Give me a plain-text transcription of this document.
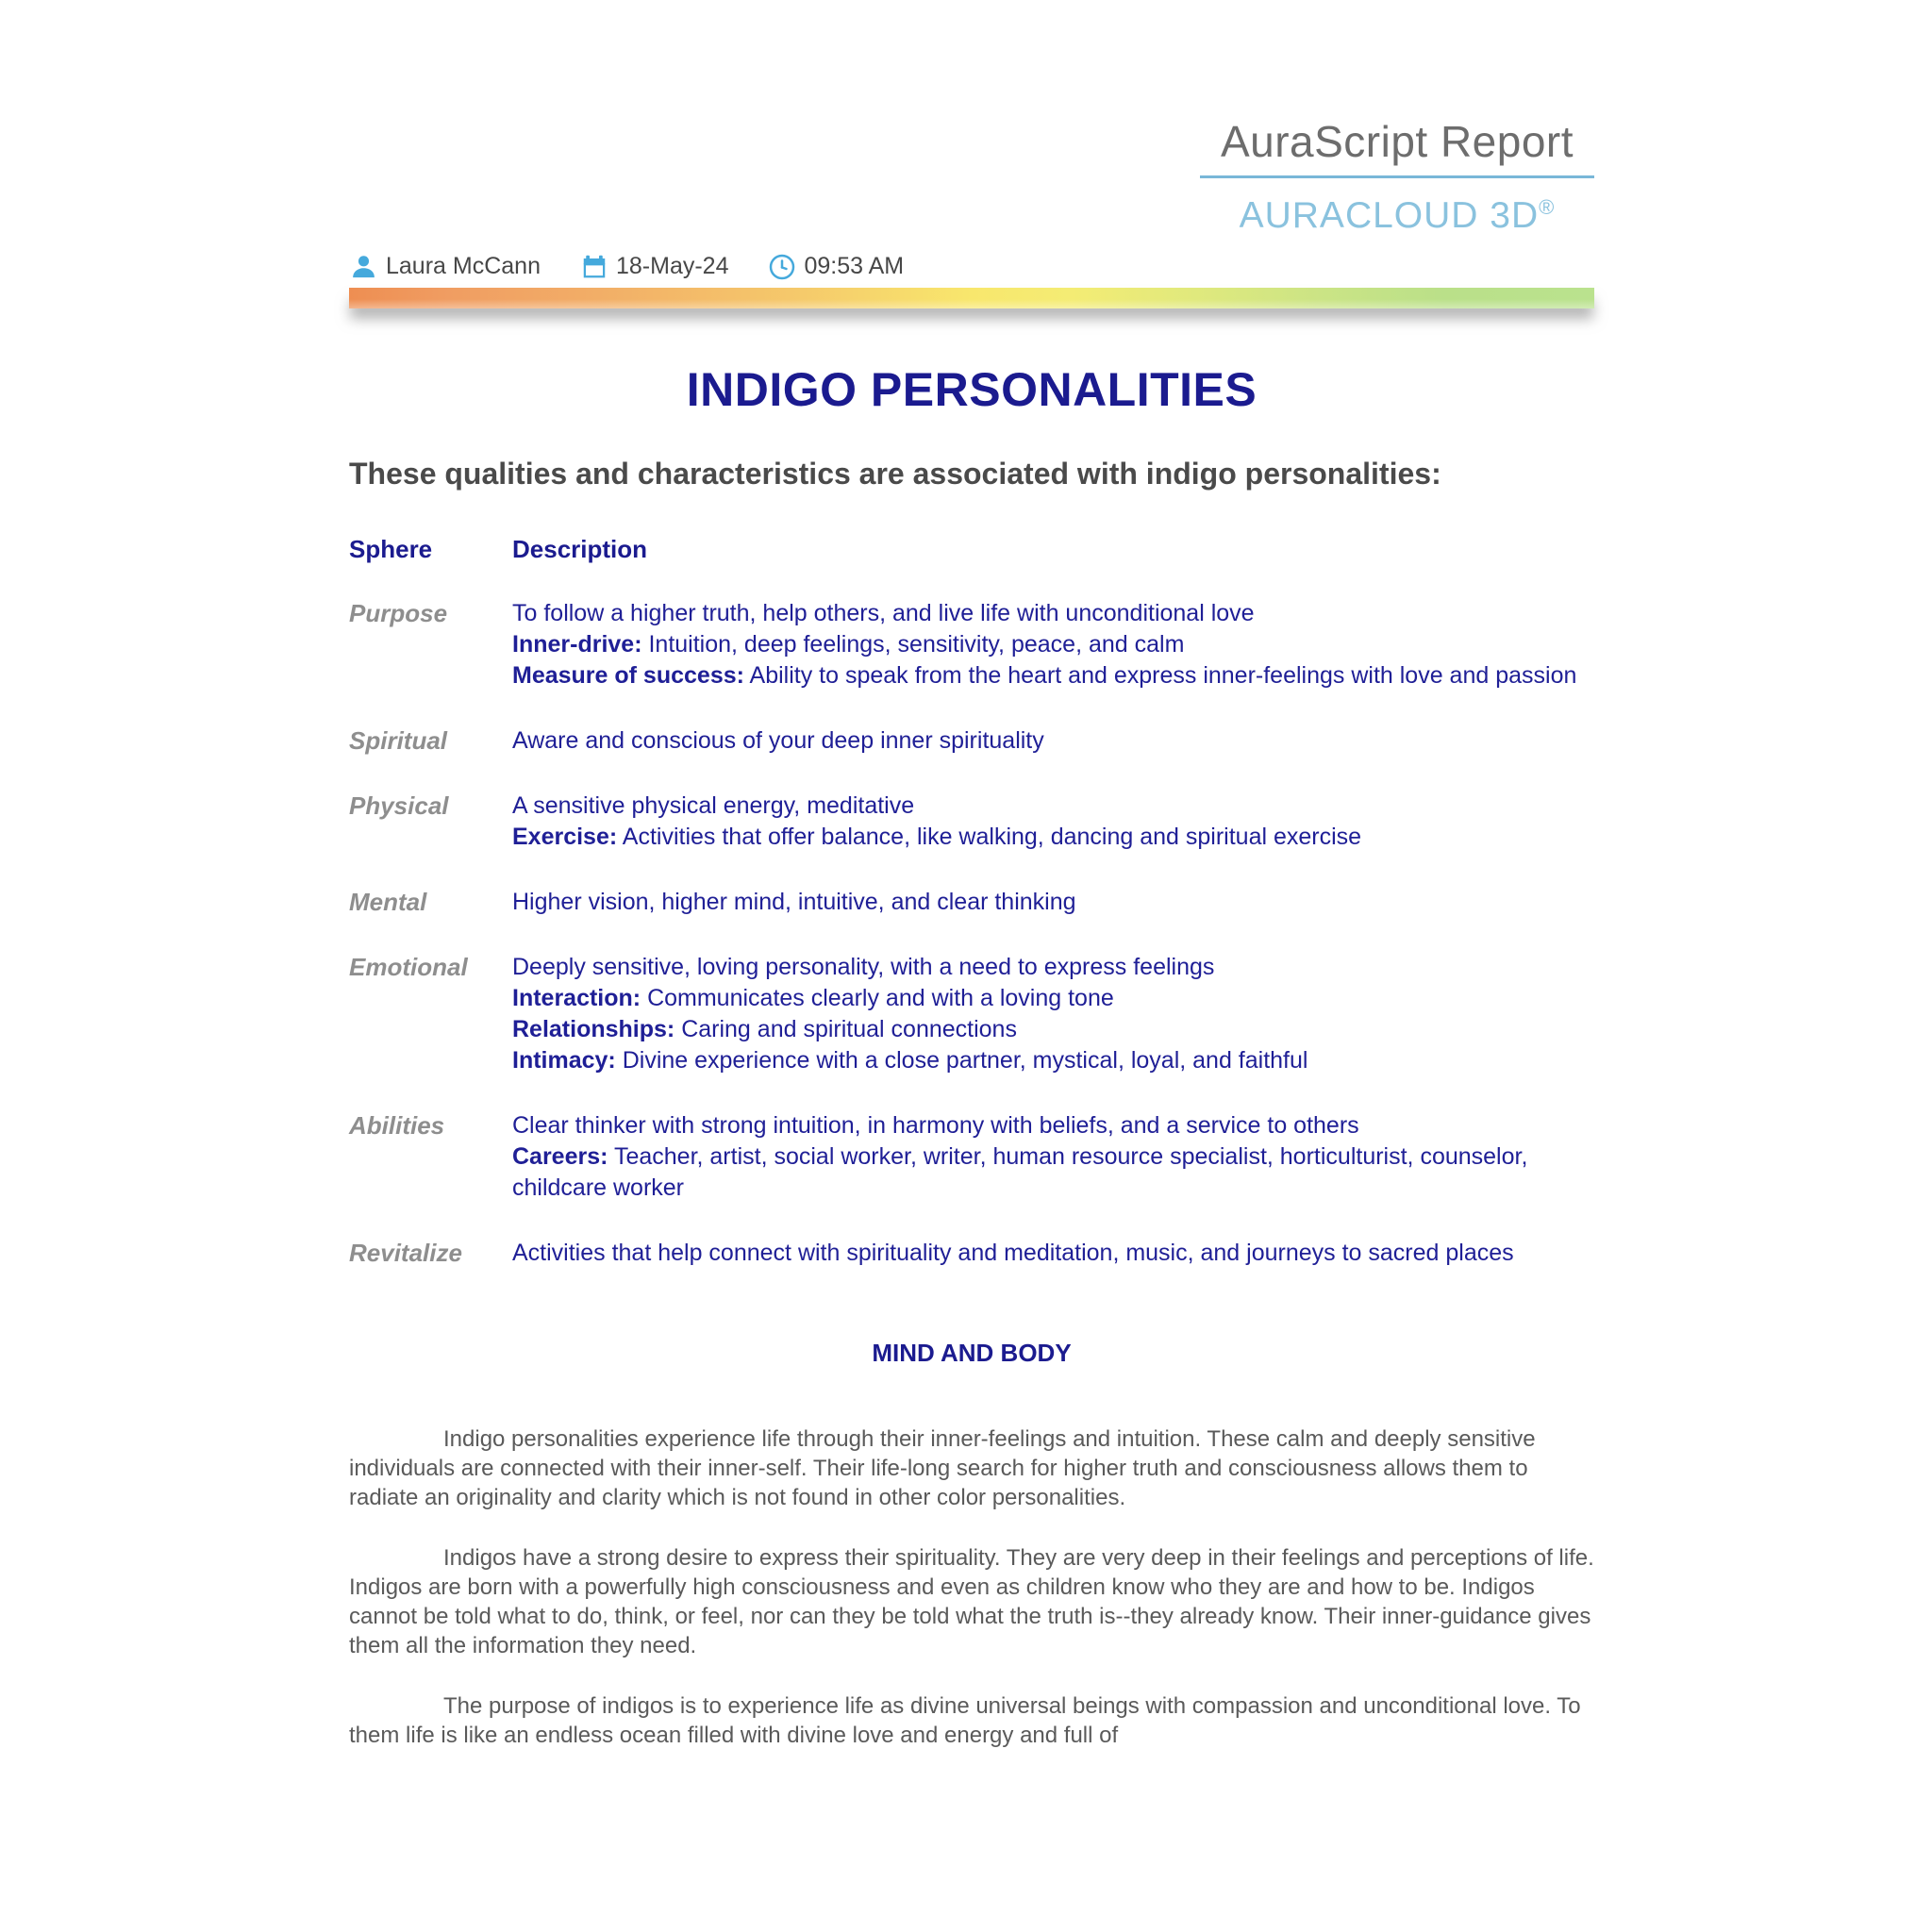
AuraScript Report
AURACLOUD 3D®
Laura McCann	18-May-24	09:53 AM
INDIGO PERSONALITIES
These qualities and characteristics are associated with indigo personalities:
Sphere	Description
Purpose	To follow a higher truth, help others, and live life with unconditional love
Inner-drive: Intuition, deep feelings, sensitivity, peace, and calm
Measure of success: Ability to speak from the heart and express inner-feelings with love and passion
Spiritual	Aware and conscious of your deep inner spirituality
Physical	A sensitive physical energy, meditative
Exercise: Activities that offer balance, like walking, dancing and spiritual exercise
Mental	Higher vision, higher mind, intuitive, and clear thinking
Emotional	Deeply sensitive, loving personality, with a need to express feelings
Interaction: Communicates clearly and with a loving tone
Relationships: Caring and spiritual connections
Intimacy: Divine experience with a close partner, mystical, loyal, and faithful
Abilities	Clear thinker with strong intuition, in harmony with beliefs, and a service to others
Careers: Teacher, artist, social worker, writer, human resource specialist, horticulturist, counselor, childcare worker
Revitalize	Activities that help connect with spirituality and meditation, music, and journeys to sacred places
MIND AND BODY

Indigo personalities experience life through their inner-feelings and intuition. These calm and deeply sensitive individuals are connected with their inner-self. Their life-long search for higher truth and consciousness allows them to radiate an originality and clarity which is not found in other color personalities.

Indigos have a strong desire to express their spirituality. They are very deep in their feelings and perceptions of life. Indigos are born with a powerfully high consciousness and even as children know who they are and how to be. Indigos cannot be told what to do, think, or feel, nor can they be told what the truth is--they already know. Their inner-guidance gives them all the information they need.

The purpose of indigos is to experience life as divine universal beings with compassion and unconditional love. To them life is like an endless ocean filled with divine love and energy and full of
